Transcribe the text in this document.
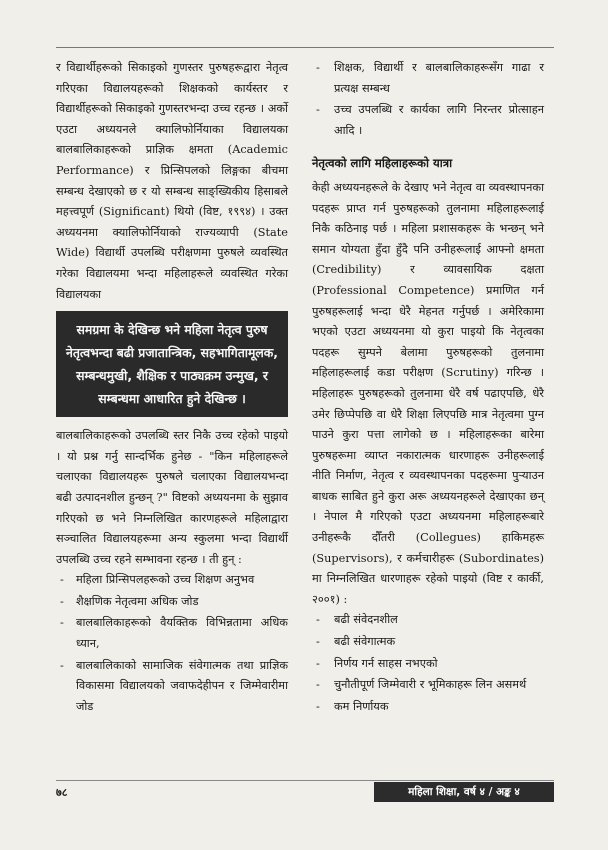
र विद्यार्थीहरूको सिकाइको गुणस्तर पुरुषहरूद्वारा नेतृत्व गरिएका विद्यालयहरूको शिक्षकको कार्यस्तर र विद्यार्थीहरूको सिकाइको गुणस्तरभन्दा उच्च रहन्छ । अर्को एउटा अध्ययनले क्यालिफोर्नियाका विद्यालयका बालबालिकाहरूको प्राज्ञिक क्षमता (Academic Performance) र प्रिन्सिपलको लिङ्गका बीचमा सम्बन्ध देखाएको छ र यो सम्बन्ध साङ्ख्यिकीय हिसाबले महत्त्वपूर्ण (Significant) थियो (विष्ट, १९९४) । उक्त अध्ययनमा क्यालिफोर्नियाको राज्यव्यापी (State Wide) विद्यार्थी उपलब्धि परीक्षणमा पुरुषले व्यवस्थित गरेका विद्यालयमा भन्दा महिलाहरूले व्यवस्थित गरेका विद्यालयका

समग्रमा के देखिन्छ भने महिला नेतृत्व पुरुष नेतृत्वभन्दा बढी प्रजातान्त्रिक, सहभागितामूलक, सम्बन्धमुखी, शैक्षिक र पाठ्यक्रम उन्मुख, र सम्बन्धमा आधारित हुने देखिन्छ ।

बालबालिकाहरूको उपलब्धि स्तर निकै उच्च रहेको पाइयो । यो प्रश्न गर्नु सान्दर्भिक हुनेछ - "किन महिलाहरूले चलाएका विद्यालयहरू पुरुषले चलाएका विद्यालयभन्दा बढी उत्पादनशील हुन्छन् ?" विष्टको अध्ययनमा के सुझाव गरिएको छ भने निम्नलिखित कारणहरूले महिलाद्वारा सञ्चालित विद्यालयहरूमा अन्य स्कुलमा भन्दा विद्यार्थी उपलब्धि उच्च रहने सम्भावना रहन्छ । ती हुन् :

- महिला प्रिन्सिपलहरूको उच्च शिक्षण अनुभव
- शैक्षणिक नेतृत्वमा अधिक जोड
- बालबालिकाहरूको वैयक्तिक विभिन्नतामा अधिक ध्यान,
- बालबालिकाको सामाजिक संवेगात्मक तथा प्राज्ञिक विकासमा विद्यालयको जवाफदेहीपन र जिम्मेवारीमा जोड
- शिक्षक, विद्यार्थी र बालबालिकाहरूसँग गाढा र प्रत्यक्ष सम्बन्ध
- उच्च उपलब्धि र कार्यका लागि निरन्तर प्रोत्साहन आदि ।
नेतृत्वको लागि महिलाहरूको यात्रा

केही अध्ययनहरूले के देखाए भने नेतृत्व वा व्यवस्थापनका पदहरू प्राप्त गर्न पुरुषहरूको तुलनामा महिलाहरूलाई निकै कठिनाइ पर्छ । महिला प्रशासकहरू के भन्छन् भने समान योग्यता हुँदा हुँदै पनि उनीहरूलाई आफ्नो क्षमता (Credibility) र व्यावसायिक दक्षता (Professional Competence) प्रमाणित गर्न पुरुषहरूलाई भन्दा धेरै मेहनत गर्नुपर्छ । अमेरिकामा भएको एउटा अध्ययनमा यो कुरा पाइयो कि नेतृत्वका पदहरू सुम्पने बेलामा पुरुषहरूको तुलनामा महिलाहरूलाई कडा परीक्षण (Scrutiny) गरिन्छ । महिलाहरू पुरुषहरूको तुलनामा धेरै वर्ष पढाएपछि, धेरै उमेर छिप्पेपछि वा धेरै शिक्षा लिएपछि मात्र नेतृत्वमा पुग्न पाउने कुरा पत्ता लागेको छ । महिलाहरूका बारेमा पुरुषहरूमा व्याप्त नकारात्मक धारणाहरू उनीहरूलाई नीति निर्माण, नेतृत्व र व्यवस्थापनका पदहरूमा पुऱ्याउन बाधक साबित हुने कुरा अरू अध्ययनहरूले देखाएका छन् । नेपाल मै गरिएको एउटा अध्ययनमा महिलाहरूबारे उनीहरूकै दौँतरी (Collegues) हाकिमहरू (Supervisors), र कर्मचारीहरू (Subordinates) मा निम्नलिखित धारणाहरू रहेको पाइयो (विष्ट र कार्की, २००१) :

- बढी संवेदनशील
- बढी संवेगात्मक
- निर्णय गर्न साहस नभएको
- चुनौतीपूर्ण जिम्मेवारी र भूमिकाहरू लिन असमर्थ
- कम निर्णायक
७८	महिला शिक्षा, वर्ष ४ / अङ्क ४
